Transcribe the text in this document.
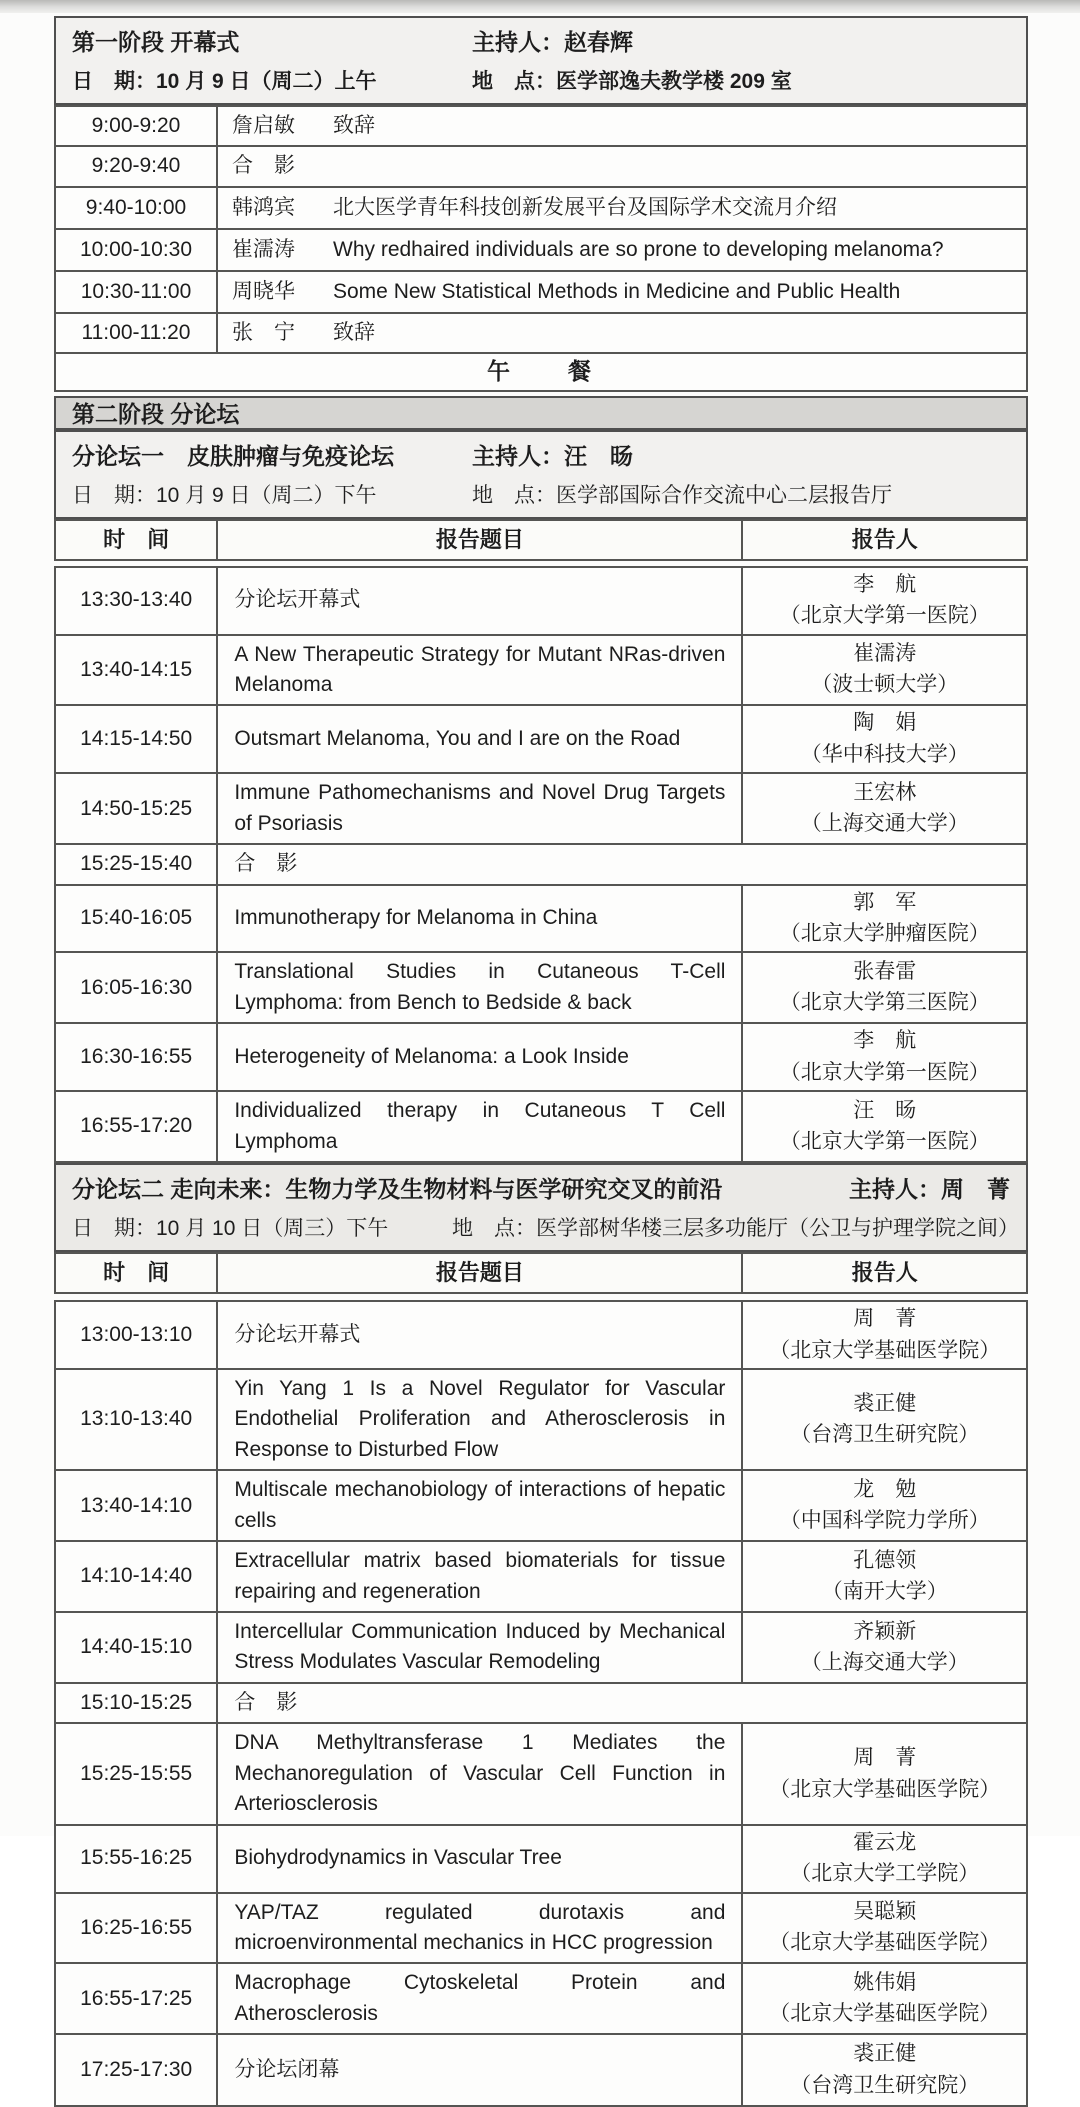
第一阶段 开幕式	主持人：赵春辉
日　期：10 月 9 日（周二）上午	地　点：医学部逸夫教学楼 209 室
9:00-9:20	詹启敏 致辞

9:20-9:40	合　影

9:40-10:00	韩鸿宾 北大医学青年科技创新发展平台及国际学术交流月介绍

10:00-10:30	崔濡涛 Why redhaired individuals are so prone to developing melanoma?

10:30-11:00	周晓华 Some New Statistical Methods in Medicine and Public Health

11:00-11:20	张　宁 致辞

午　　餐	
第二阶段 分论坛
分论坛一　皮肤肿瘤与免疫论坛	主持人：汪　旸
日　期：10 月 9 日（周二）下午	地　点：医学部国际合作交流中心二层报告厅
时　间	报告题目	报告人
13:30-13:40	分论坛开幕式	李　航
（北京大学第一医院）

13:40-14:15	A New Therapeutic Strategy for Mutant NRas-driven Melanoma	崔濡涛
（波士顿大学）

14:15-14:50	Outsmart Melanoma, You and I are on the Road	陶　娟
（华中科技大学）

14:50-15:25	Immune Pathomechanisms and Novel Drug Targets of Psoriasis	王宏林
（上海交通大学）

15:25-15:40	合　影	
15:40-16:05	Immunotherapy for Melanoma in China	郭　军
（北京大学肿瘤医院）

16:05-16:30	Translational Studies in Cutaneous T-Cell Lymphoma: from Bench to Bedside & back	张春雷
（北京大学第三医院）

16:30-16:55	Heterogeneity of Melanoma: a Look Inside	李　航
（北京大学第一医院）

16:55-17:20	Individualized therapy in Cutaneous T Cell Lymphoma	汪　旸
（北京大学第一医院）
分论坛二 走向未来：生物力学及生物材料与医学研究交叉的前沿	主持人：周　菁
日　期：10 月 10 日（周三）下午	地　点：医学部树华楼三层多功能厅（公卫与护理学院之间）
时　间	报告题目	报告人
13:00-13:10	分论坛开幕式	周　菁
（北京大学基础医学院）

13:10-13:40	Yin Yang 1 Is a Novel Regulator for Vascular Endothelial Proliferation and Atherosclerosis in Response to Disturbed Flow	裘正健
（台湾卫生研究院）

13:40-14:10	Multiscale mechanobiology of interactions of hepatic cells	龙　勉
（中国科学院力学所）

14:10-14:40	Extracellular matrix based biomaterials for tissue repairing and regeneration	孔德领
（南开大学）

14:40-15:10	Intercellular Communication Induced by Mechanical Stress Modulates Vascular Remodeling	齐颖新
（上海交通大学）

15:10-15:25	合　影	
15:25-15:55	DNA Methyltransferase 1 Mediates the Mechanoregulation of Vascular Cell Function in Arteriosclerosis	周　菁
（北京大学基础医学院）

15:55-16:25	Biohydrodynamics in Vascular Tree	霍云龙
（北京大学工学院）

16:25-16:55	YAP/TAZ regulated durotaxis and microenvironmental mechanics in HCC progression	吴聪颖
（北京大学基础医学院）

16:55-17:25	Macrophage Cytoskeletal Protein and Atherosclerosis	姚伟娟
（北京大学基础医学院）

17:25-17:30	分论坛闭幕	裘正健
（台湾卫生研究院）
